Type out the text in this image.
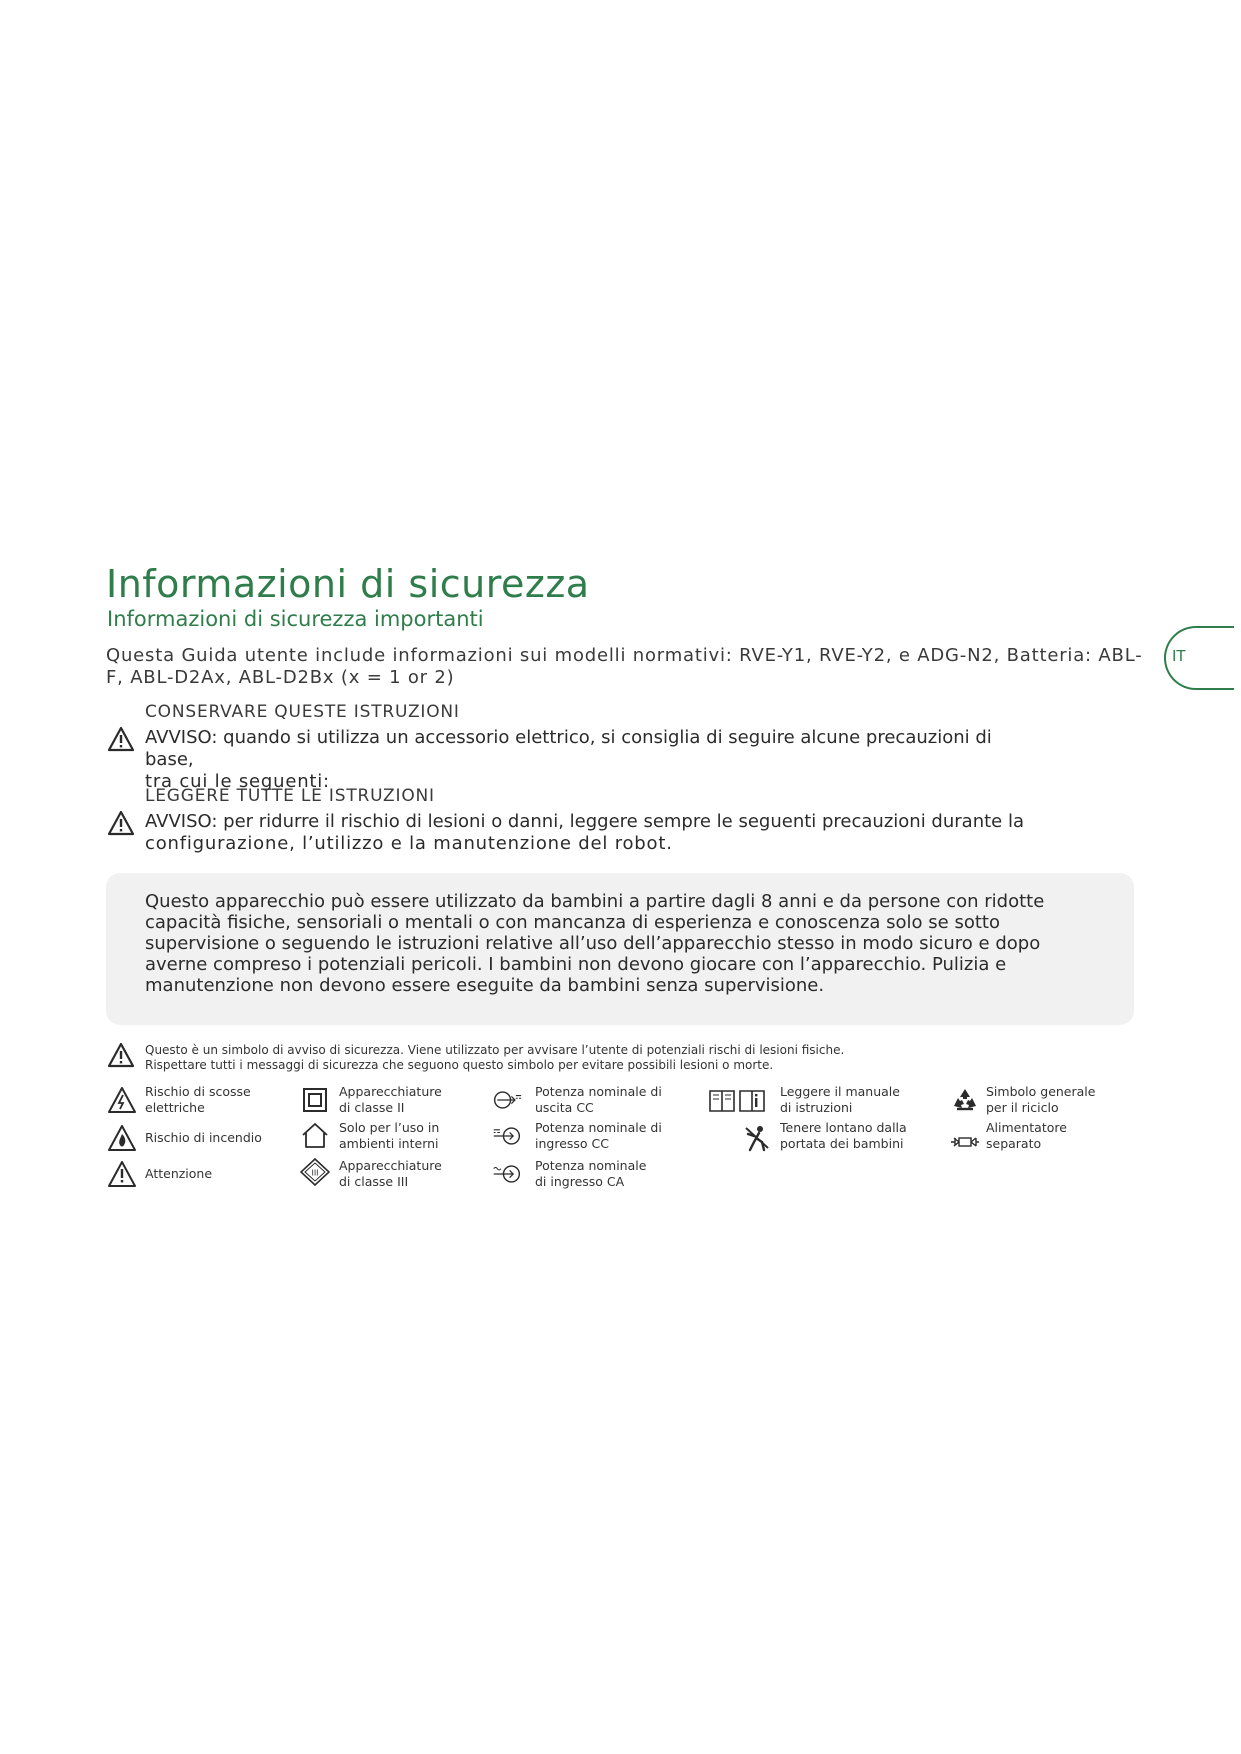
Informazioni di sicurezza
Informazioni di sicurezza importanti
IT
Questa Guida utente include informazioni sui modelli normativi: RVE-Y1, RVE-Y2, e ADG-N2, Batteria: ABL-F, ABL-D2Ax, ABL-D2Bx (x = 1 or 2)
CONSERVARE QUESTE ISTRUZIONI
AVVISO: quando si utilizza un accessorio elettrico, si consiglia di seguire alcune precauzioni di base,
tra cui le seguenti:
LEGGERE TUTTE LE ISTRUZIONI
AVVISO: per ridurre il rischio di lesioni o danni, leggere sempre le seguenti precauzioni durante la
configurazione, l’utilizzo e la manutenzione del robot.
Questo apparecchio può essere utilizzato da bambini a partire dagli 8 anni e da persone con ridotte capacità fisiche, sensoriali o mentali o con mancanza di esperienza e conoscenza solo se sotto supervisione o seguendo le istruzioni relative all’uso dell’apparecchio stesso in modo sicuro e dopo averne compreso i potenziali pericoli. I bambini non devono giocare con l’apparecchio. Pulizia e manutenzione non devono essere eseguite da bambini senza supervisione.
Questo è un simbolo di avviso di sicurezza. Viene utilizzato per avvisare l’utente di potenziali rischi di lesioni fisiche.
Rispettare tutti i messaggi di sicurezza che seguono questo simbolo per evitare possibili lesioni o morte.
Rischio di scosse
elettriche
Rischio di incendio
Attenzione
Apparecchiature
di classe II
Solo per l’uso in
ambienti interni
III Apparecchiature
di classe III
Potenza nominale di
uscita CC
Potenza nominale di
ingresso CC
Potenza nominale
di ingresso CA
Leggere il manuale
di istruzioni
Tenere lontano dalla
portata dei bambini
Simbolo generale
per il riciclo
Alimentatore
separato
